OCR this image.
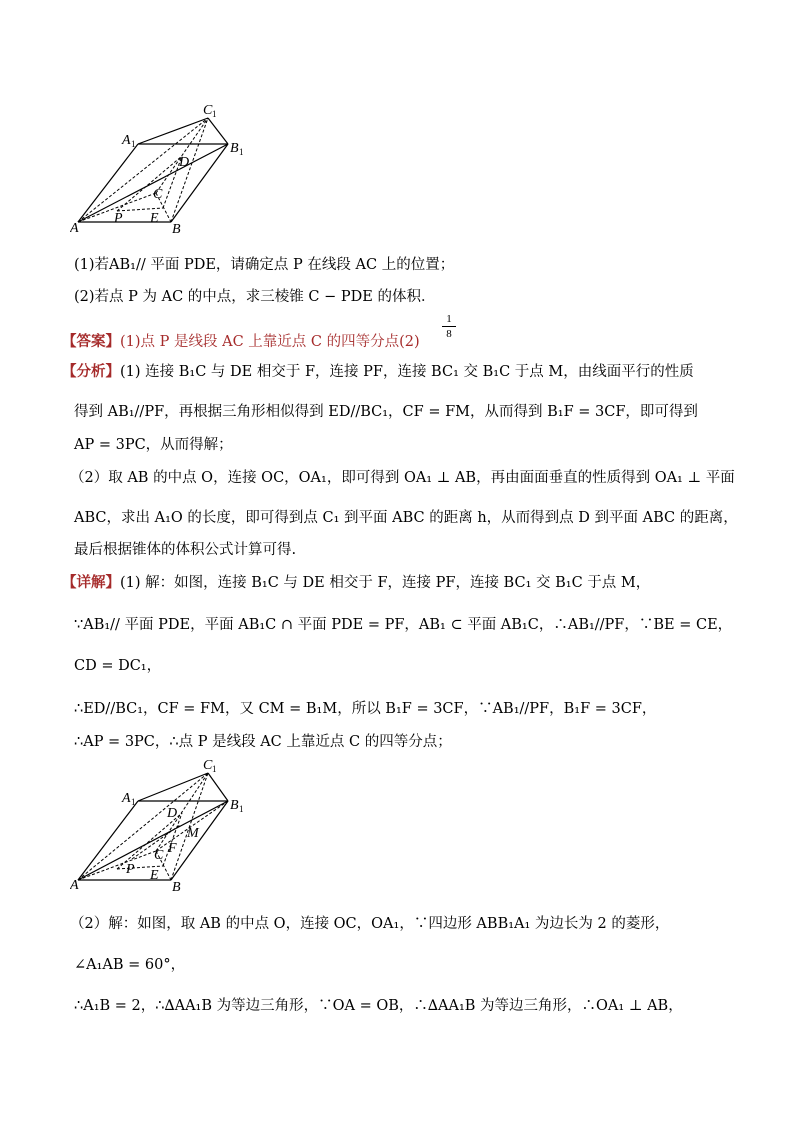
C 1
A 1	B 1
D
C
A
P E
B
(1)若AB₁// 平面 PDE，请确定点 P 在线段 AC 上的位置；
(2)若点 P 为 AC 的中点，求三棱锥 C − PDE 的体积．
【答案】(1)点 P 是线段 AC 上靠近点 C 的四等分点(2)
1
8
【分析】(1) 连接 B₁C 与 DE 相交于 F，连接 PF，连接 BC₁ 交 B₁C 于点 M，由线面平行的性质
得到 AB₁//PF，再根据三角形相似得到 ED//BC₁，CF = FM，从而得到 B₁F = 3CF，即可得到
AP = 3PC，从而得解；
（2）取 AB 的中点 O，连接 OC，OA₁，即可得到 OA₁ ⊥ AB，再由面面垂直的性质得到 OA₁ ⊥ 平面
ABC，求出 A₁O 的长度，即可得到点 C₁ 到平面 ABC 的距离 h，从而得到点 D 到平面 ABC 的距离，
最后根据锥体的体积公式计算可得.
【详解】(1) 解：如图，连接 B₁C 与 DE 相交于 F，连接 PF，连接 BC₁ 交 B₁C 于点 M，
∵AB₁// 平面 PDE，平面 AB₁C ∩ 平面 PDE = PF，AB₁ ⊂ 平面 AB₁C，∴AB₁//PF，∵BE = CE，
CD = DC₁，
∴ED//BC₁，CF = FM，又 CM = B₁M，所以 B₁F = 3CF，∵AB₁//PF，B₁F = 3CF，
∴AP = 3PC，∴点 P 是线段 AC 上靠近点 C 的四等分点；
C 1
A 1	B 1
D
M
F
C
A
P E
B
（2）解：如图，取 AB 的中点 O，连接 OC，OA₁，∵四边形 ABB₁A₁ 为边长为 2 的菱形，
∠A₁AB = 60°，
∴A₁B = 2，∴∆AA₁B 为等边三角形，∵OA = OB，∴∆AA₁B 为等边三角形，∴OA₁ ⊥ AB，
